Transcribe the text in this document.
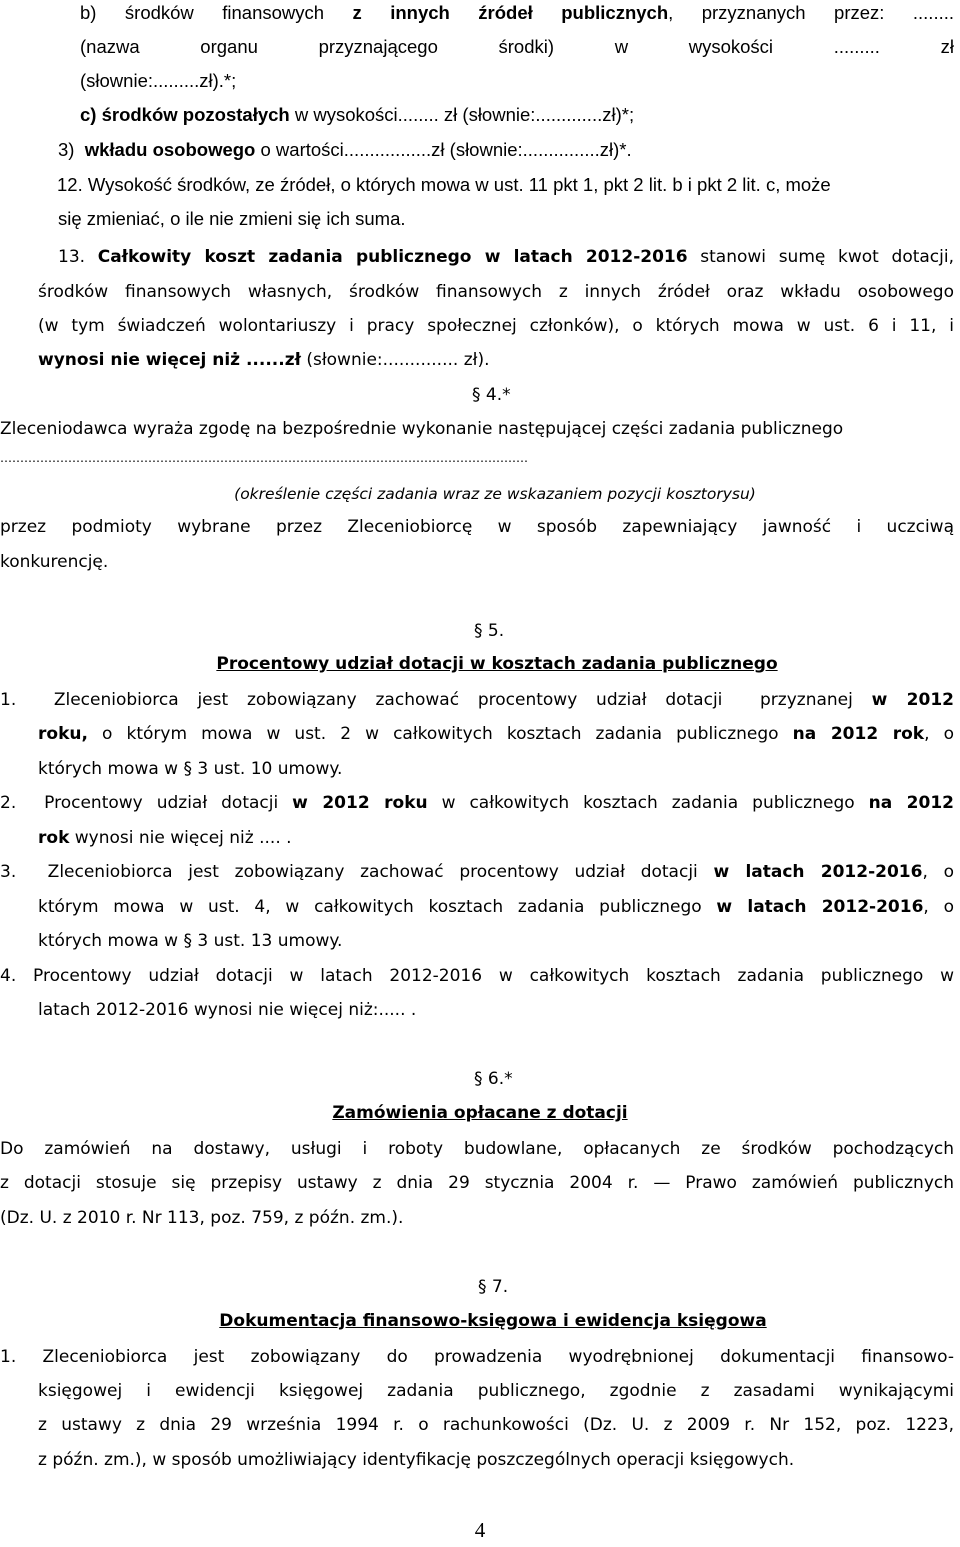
b) środków finansowych z innych źródeł publicznych, przyznanych przez: ........
(nazwa	organu	przyznającego	środki)	w	wysokości	.........	zł
(słownie:.........zł).*;
c) środków pozostałych w wysokości........ zł (słownie:.............zł)*;
3)  wkładu osobowego o wartości.................zł (słownie:...............zł)*.
12. Wysokość środków, ze źródeł, o których mowa w ust. 11 pkt 1, pkt 2 lit. b i pkt 2 lit. c, może
się zmieniać, o ile nie zmieni się ich suma.
13. Całkowity koszt zadania publicznego w latach 2012-2016 stanowi sumę kwot dotacji,
środków finansowych własnych, środków finansowych z innych źródeł oraz wkładu osobowego
(w tym świadczeń wolontariuszy i pracy społecznej członków), o których mowa w ust. 6 i 11, i
wynosi nie więcej niż ......zł (słownie:.............. zł).
§ 4.*
Zleceniodawca wyraża zgodę na bezpośrednie wykonanie następującej części zadania publicznego
……………………………………………………………………………………………………………………
(określenie części zadania wraz ze wskazaniem pozycji kosztorysu)
przez podmioty wybrane przez Zleceniobiorcę w sposób zapewniający jawność i uczciwą
konkurencję.
§ 5.
Procentowy udział dotacji w kosztach zadania publicznego
1.  Zleceniobiorca jest zobowiązany zachować procentowy udział dotacji  przyznanej w 2012
roku, o którym mowa w ust. 2 w całkowitych kosztach zadania publicznego na 2012 rok, o
których mowa w § 3 ust. 10 umowy.
2.  Procentowy udział dotacji w 2012 roku w całkowitych kosztach zadania publicznego na 2012
rok wynosi nie więcej niż .... .
3.  Zleceniobiorca jest zobowiązany zachować procentowy udział dotacji w latach 2012-2016, o
którym mowa w ust. 4, w całkowitych kosztach zadania publicznego w latach 2012-2016, o
których mowa w § 3 ust. 13 umowy.
4. Procentowy udział dotacji w latach 2012-2016 w całkowitych kosztach zadania publicznego w
latach 2012-2016 wynosi nie więcej niż:..... .
§ 6.*
Zamówienia opłacane z dotacji
Do zamówień na dostawy, usługi i roboty budowlane, opłacanych ze środków pochodzących
z dotacji stosuje się przepisy ustawy z dnia 29 stycznia 2004 r. — Prawo zamówień publicznych
(Dz. U. z 2010 r. Nr 113, poz. 759, z późn. zm.).
§ 7.
Dokumentacja finansowo-księgowa i ewidencja księgowa
1. Zleceniobiorca jest zobowiązany do prowadzenia wyodrębnionej dokumentacji finansowo-
księgowej i ewidencji księgowej zadania publicznego, zgodnie z zasadami wynikającymi
z ustawy z dnia 29 września 1994 r. o rachunkowości (Dz. U. z 2009 r. Nr 152, poz. 1223,
z późn. zm.), w sposób umożliwiający identyfikację poszczególnych operacji księgowych.
4
